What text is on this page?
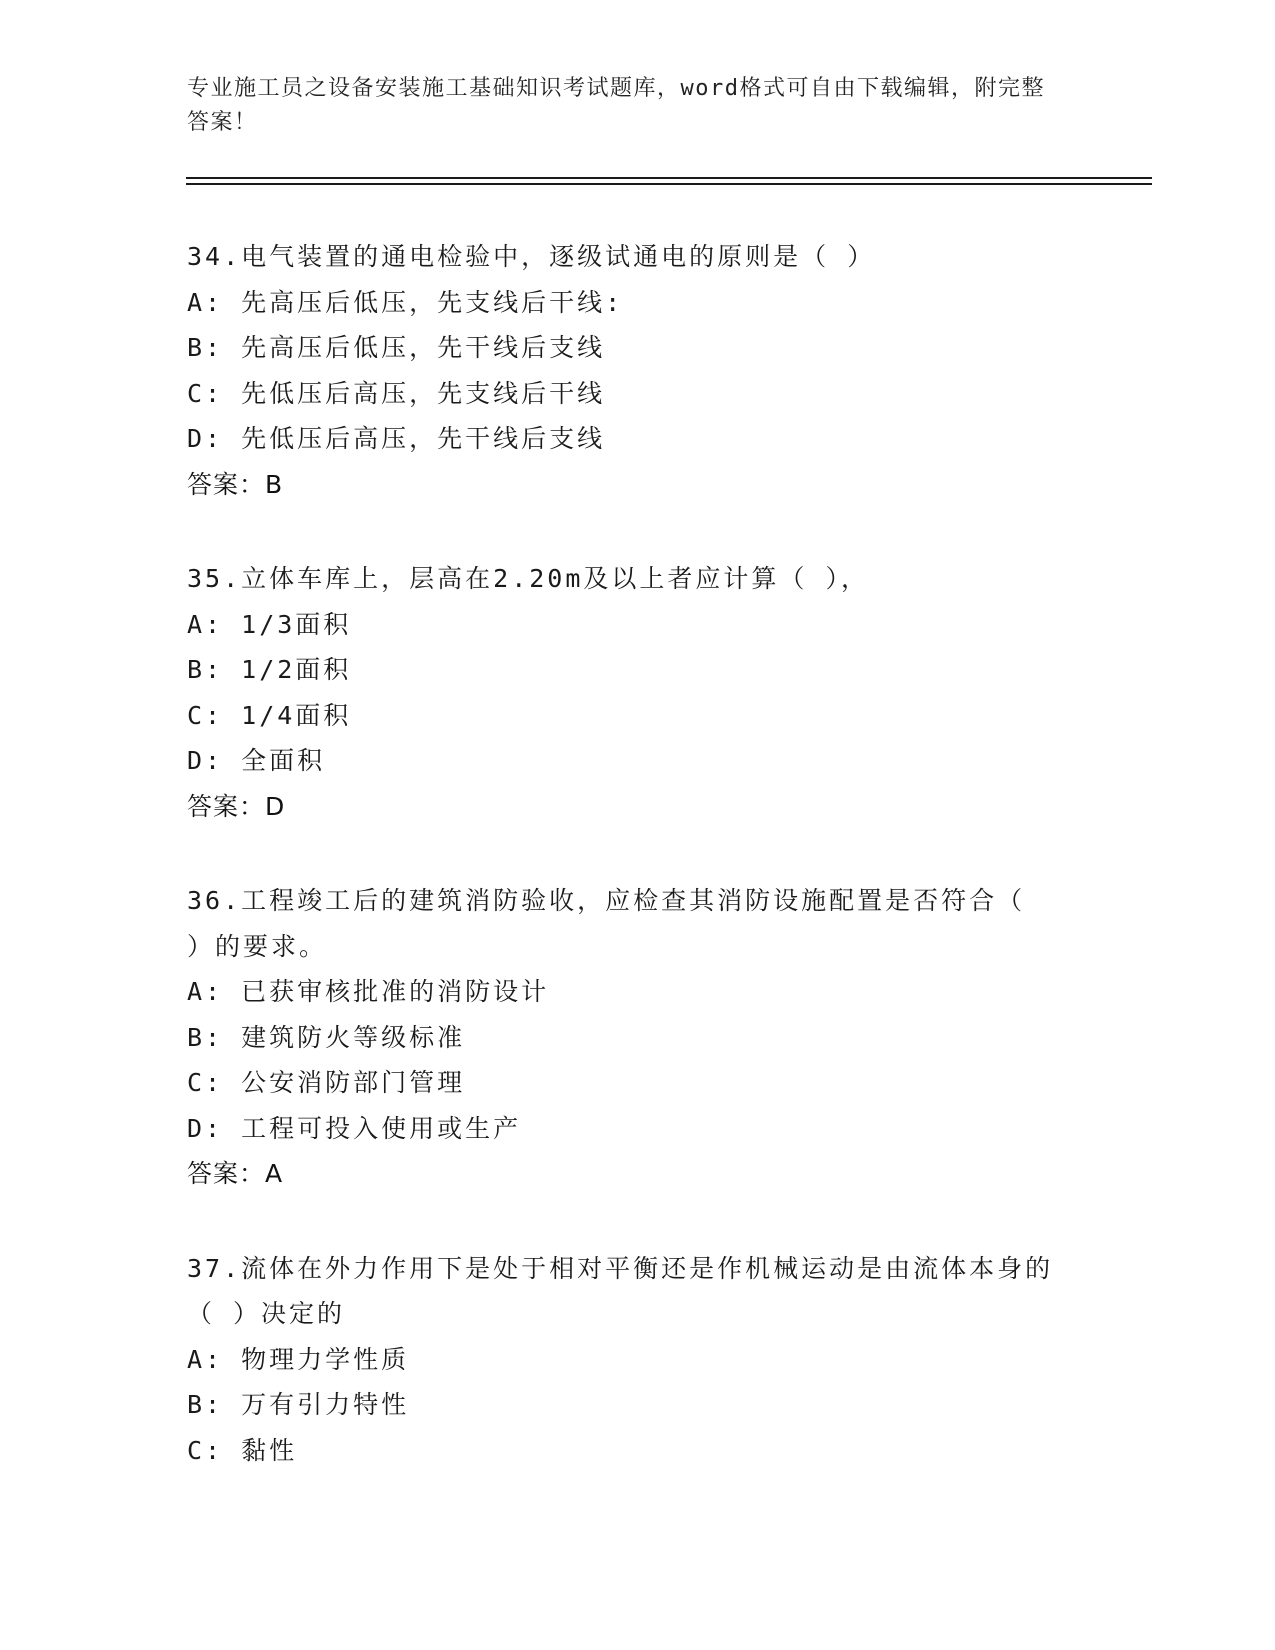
专业施工员之设备安装施工基础知识考试题库，word格式可自由下载编辑，附完整答案！
34.电气装置的通电检验中，逐级试通电的原则是（ ）
A: 先高压后低压，先支线后干线:
B: 先高压后低压，先干线后支线
C: 先低压后高压，先支线后干线
D: 先低压后高压，先干线后支线
答案：B
35.立体车库上，层高在2.20m及以上者应计算（ ），
A: 1/3面积
B: 1/2面积
C: 1/4面积
D: 全面积
答案：D
36.工程竣工后的建筑消防验收，应检查其消防设施配置是否符合（
）的要求。
A: 已获审核批准的消防设计
B: 建筑防火等级标准
C: 公安消防部门管理
D: 工程可投入使用或生产
答案：A
37.流体在外力作用下是处于相对平衡还是作机械运动是由流体本身的
（ ）决定的
A: 物理力学性质
B: 万有引力特性
C: 黏性
